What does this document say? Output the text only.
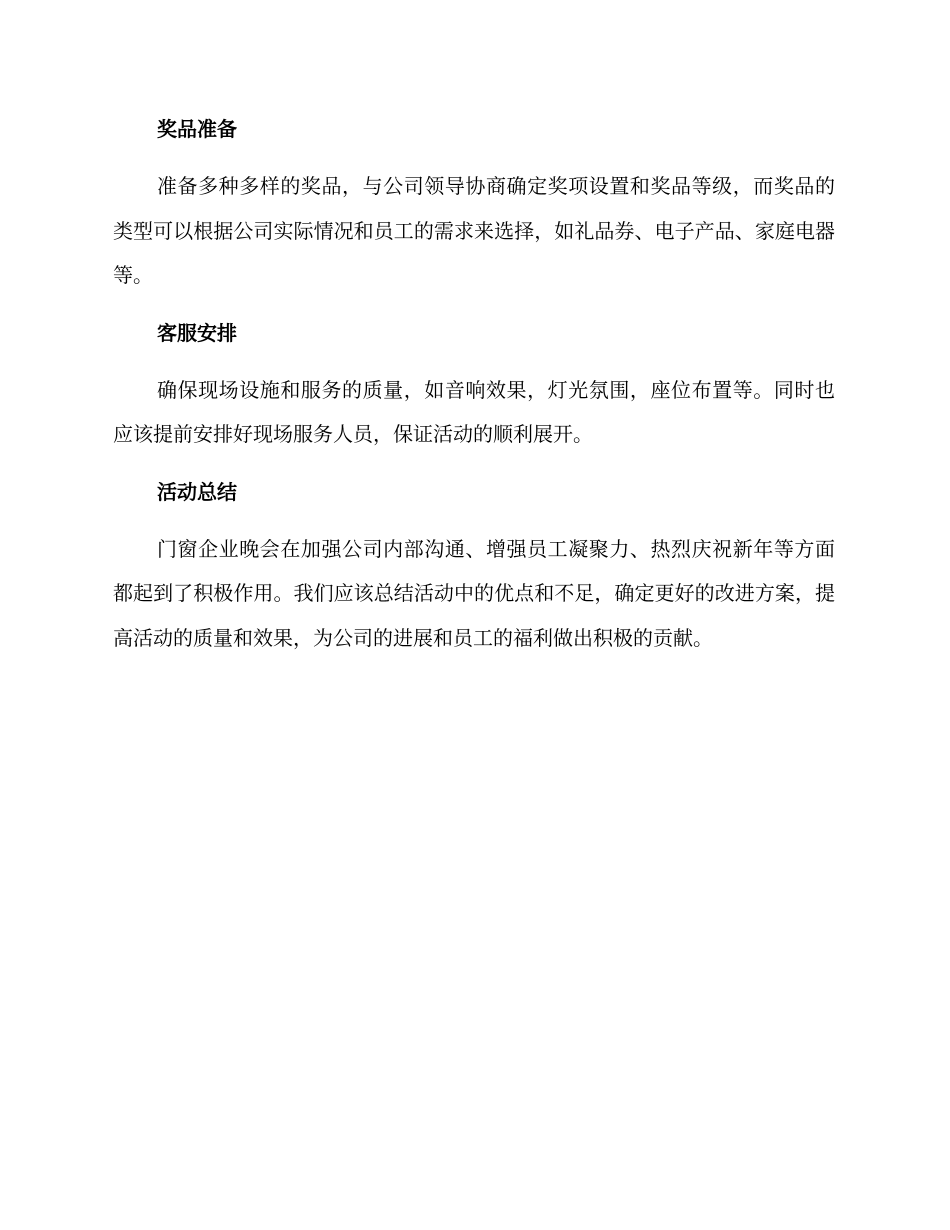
奖品准备

准备多种多样的奖品，与公司领导协商确定奖项设置和奖品等级，而奖品的类型可以根据公司实际情况和员工的需求来选择，如礼品券、电子产品、家庭电器等。

客服安排

确保现场设施和服务的质量，如音响效果，灯光氛围，座位布置等。同时也应该提前安排好现场服务人员，保证活动的顺利展开。

活动总结

门窗企业晚会在加强公司内部沟通、增强员工凝聚力、热烈庆祝新年等方面都起到了积极作用。我们应该总结活动中的优点和不足，确定更好的改进方案，提高活动的质量和效果，为公司的进展和员工的福利做出积极的贡献。
